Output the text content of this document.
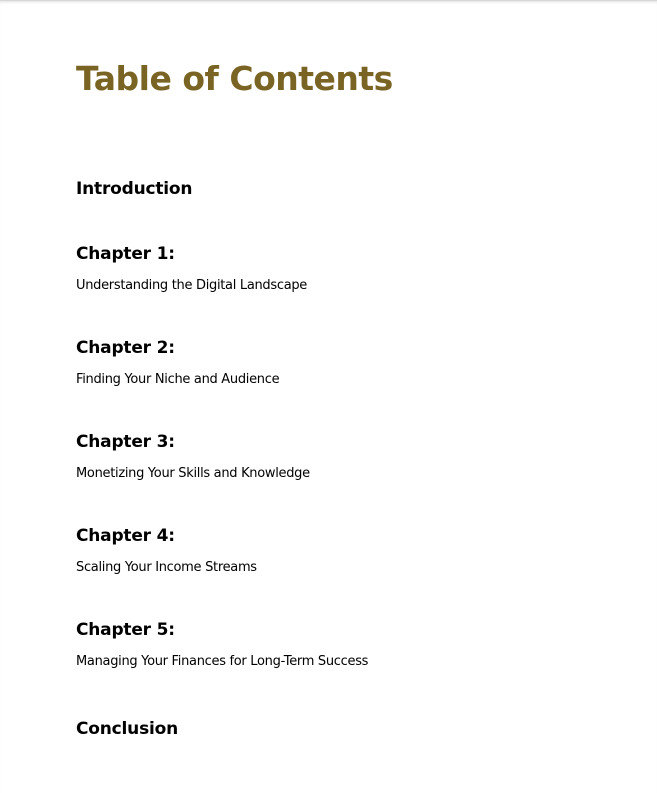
Table of Contents
Introduction
Chapter 1:
Understanding the Digital Landscape
Chapter 2:
Finding Your Niche and Audience
Chapter 3:
Monetizing Your Skills and Knowledge
Chapter 4:
Scaling Your Income Streams
Chapter 5:
Managing Your Finances for Long-Term Success
Conclusion
